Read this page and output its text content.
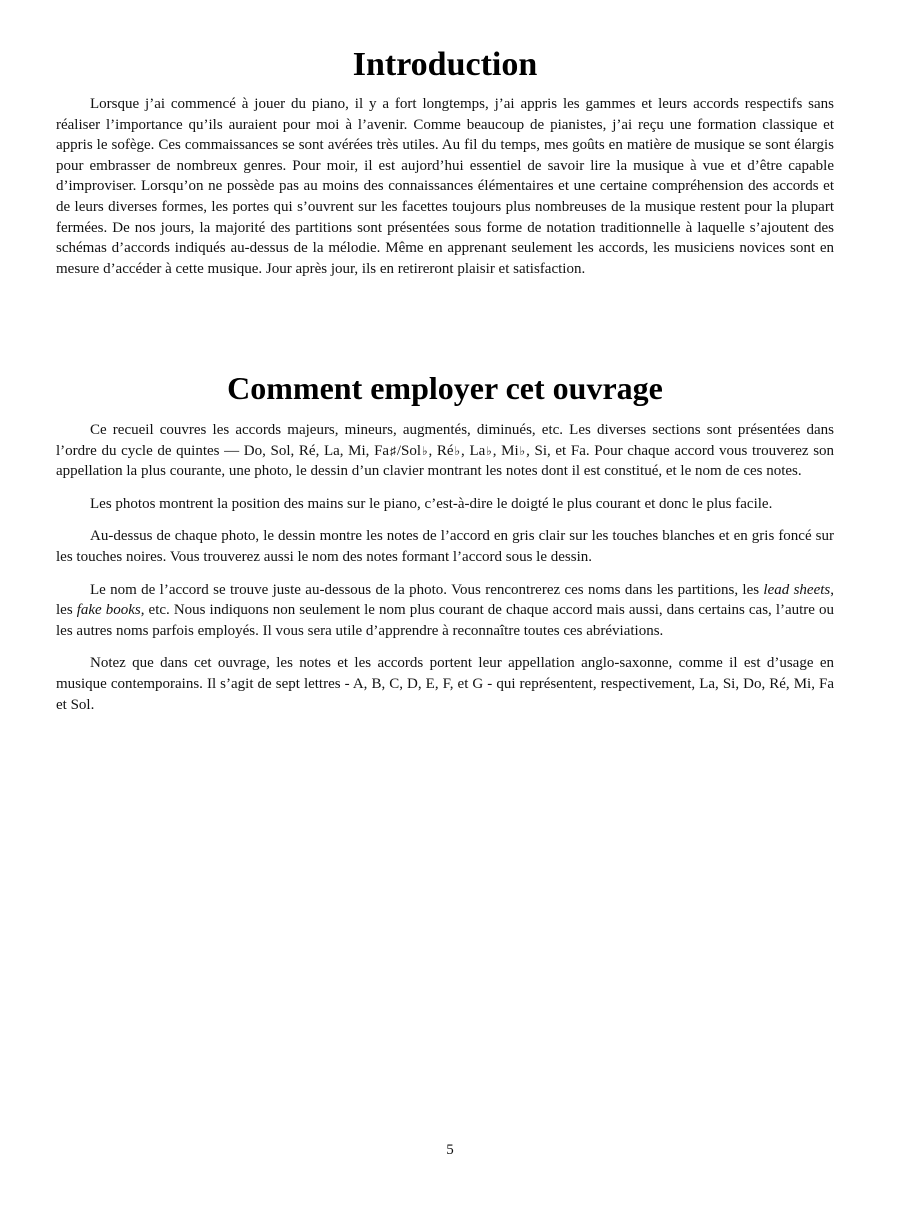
Introduction

Lorsque j’ai commencé à jouer du piano, il y a fort longtemps, j’ai appris les gammes et leurs accords respectifs sans réaliser l’importance qu’ils auraient pour moi à l’avenir. Comme beaucoup de pianistes, j’ai reçu une formation classique et appris le sofège. Ces commaissances se sont avérées très utiles. Au fil du temps, mes goûts en matière de musique se sont élargis pour embrasser de nombreux genres. Pour moir, il est aujord’hui essentiel de savoir lire la musique à vue et d’être capable d’improviser. Lorsqu’on ne possède pas au moins des connaissances élémentaires et une certaine compréhension des accords et de leurs diverses formes, les portes qui s’ouvrent sur les facettes toujours plus nombreuses de la musique restent pour la plupart fermées. De nos jours, la majorité des partitions sont présentées sous forme de notation traditionnelle à laquelle s’ajoutent des schémas d’accords indiqués au-dessus de la mélodie. Même en apprenant seulement les accords, les musiciens novices sont en mesure d’accéder à cette musique. Jour après jour, ils en retireront plaisir et satisfaction.

Comment employer cet ouvrage

Ce recueil couvres les accords majeurs, mineurs, augmentés, diminués, etc. Les diverses sections sont présentées dans l’ordre du cycle de quintes — Do, Sol, Ré, La, Mi, Fa♯/Sol♭, Ré♭, La♭, Mi♭, Si, et Fa. Pour chaque accord vous trouverez son appellation la plus courante, une photo, le dessin d’un clavier montrant les notes dont il est constitué, et le nom de ces notes.

Les photos montrent la position des mains sur le piano, c’est-à-dire le doigté le plus courant et donc le plus facile.

Au-dessus de chaque photo, le dessin montre les notes de l’accord en gris clair sur les touches blanches et en gris foncé sur les touches noires. Vous trouverez aussi le nom des notes formant l’accord sous le dessin.

Le nom de l’accord se trouve juste au-dessous de la photo. Vous rencontrerez ces noms dans les partitions, les lead sheets, les fake books, etc. Nous indiquons non seulement le nom plus courant de chaque accord mais aussi, dans certains cas, l’autre ou les autres noms parfois employés. Il vous sera utile d’apprendre à reconnaître toutes ces abréviations.

Notez que dans cet ouvrage, les notes et les accords portent leur appellation anglo-saxonne, comme il est d’usage en musique contemporains. Il s’agit de sept lettres - A, B, C, D, E, F, et G - qui représentent, respectivement, La, Si, Do, Ré, Mi, Fa et Sol.

5
